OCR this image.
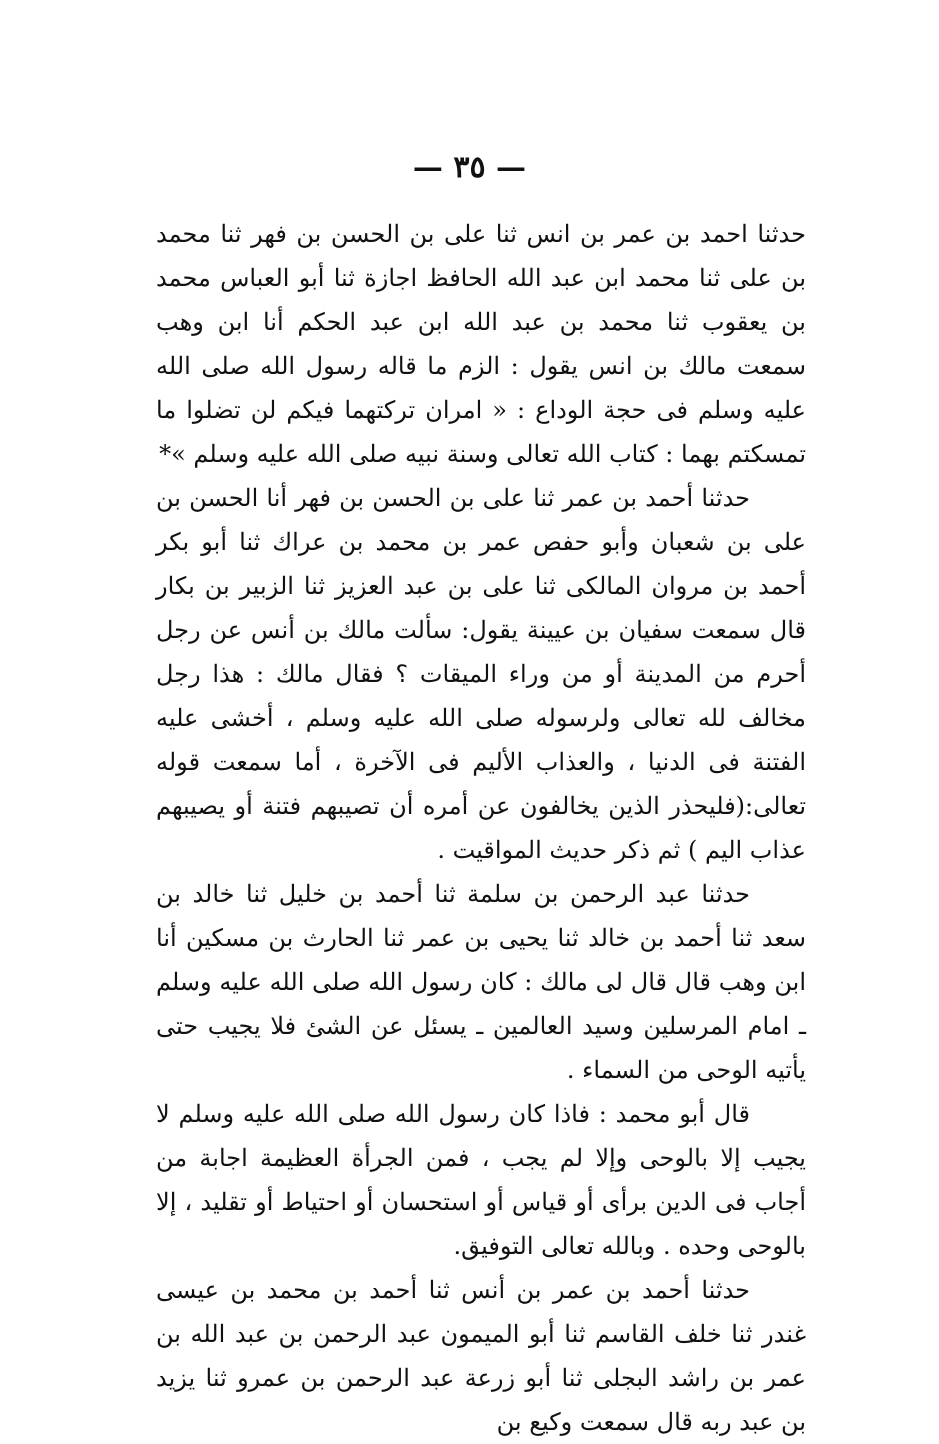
— ٣٥ —

حدثنا احمد بن عمر بن انس ثنا على بن الحسن بن فهر ثنا محمد بن على ثنا محمد ابن عبد الله الحافظ اجازة ثنا أبو العباس محمد بن يعقوب ثنا محمد بن عبد الله ابن عبد الحكم أنا ابن وهب سمعت مالك بن انس يقول : الزم ما قاله رسول الله صلى الله عليه وسلم فى حجة الوداع : « امران تركتهما فيكم لن تضلوا ما تمسكتم بهما : كتاب الله تعالى وسنة نبيه صلى الله عليه وسلم »*

حدثنا أحمد بن عمر ثنا على بن الحسن بن فهر أنا الحسن بن على بن شعبان وأبو حفص عمر بن محمد بن عراك ثنا أبو بكر أحمد بن مروان المالكى ثنا على بن عبد العزيز ثنا الزبير بن بكار قال سمعت سفيان بن عيينة يقول: سألت مالك بن أنس عن رجل أحرم من المدينة أو من وراء الميقات ؟ فقال مالك : هذا رجل مخالف لله تعالى ولرسوله صلى الله عليه وسلم ، أخشى عليه الفتنة فى الدنيا ، والعذاب الأليم فى الآخرة ، أما سمعت قوله تعالى:(فليحذر الذين يخالفون عن أمره أن تصيبهم فتنة أو يصيبهم عذاب اليم ) ثم ذكر حديث المواقيت .

حدثنا عبد الرحمن بن سلمة ثنا أحمد بن خليل ثنا خالد بن سعد ثنا أحمد بن خالد ثنا يحيى بن عمر ثنا الحارث بن مسكين أنا ابن وهب قال قال لى مالك : كان رسول الله صلى الله عليه وسلم ـ امام المرسلين وسيد العالمين ـ يسئل عن الشئ فلا يجيب حتى يأتيه الوحى من السماء .

قال أبو محمد : فاذا كان رسول الله صلى الله عليه وسلم لا يجيب إلا بالوحى وإلا لم يجب ، فمن الجرأة العظيمة اجابة من أجاب فى الدين برأى أو قياس أو استحسان أو احتياط أو تقليد ، إلا بالوحى وحده . وبالله تعالى التوفيق.

حدثنا أحمد بن عمر بن أنس ثنا أحمد بن محمد بن عيسى غندر ثنا خلف القاسم ثنا أبو الميمون عبد الرحمن بن عبد الله بن عمر بن راشد البجلى ثنا أبو زرعة عبد الرحمن بن عمرو ثنا يزيد بن عبد ربه قال سمعت وكيع بن
